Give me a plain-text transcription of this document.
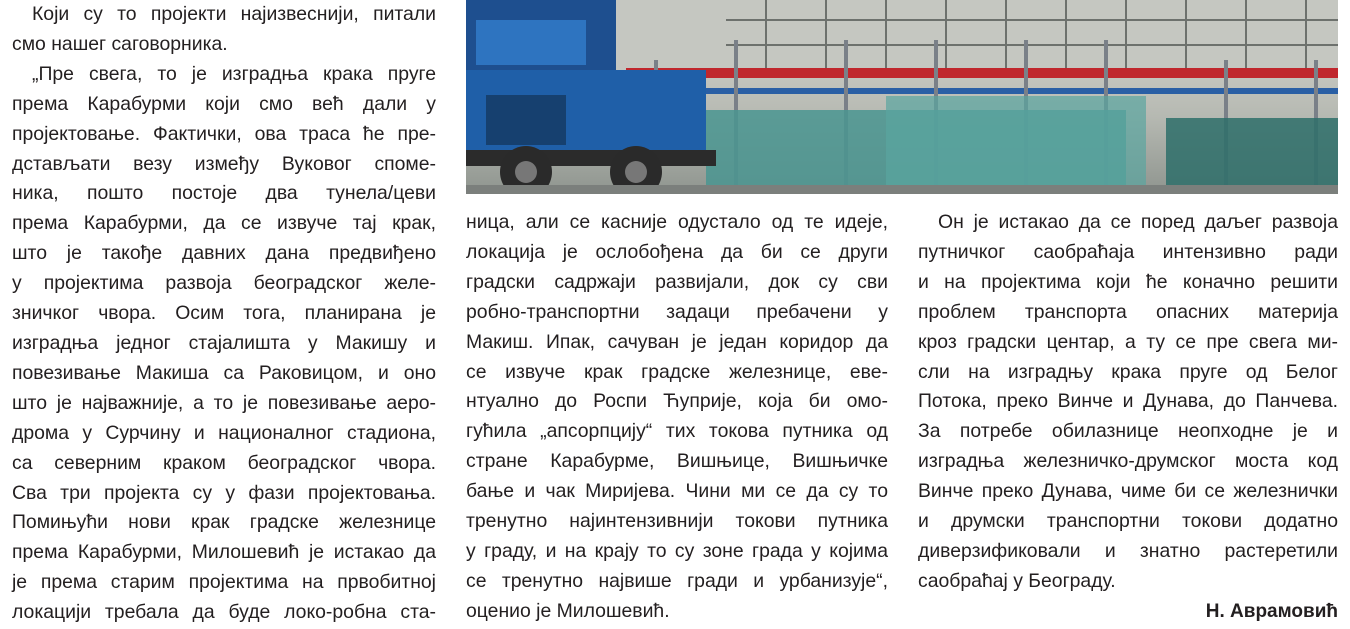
Који су то пројекти најизвеснији, питали
смо нашег саговорника.
„Пре свега, то је изградња крака пруге
према Карабурми који смо већ дали у
пројектовање. Фактички, ова траса ће пре-
дстављати везу између Вуковог споме-
ника, пошто постоје два тунела/цеви
према Карабурми, да се извуче тај крак,
што је такође давних дана предвиђено
у пројектима развоја београдског желе-
зничког чвора. Осим тога, планирана је
изградња једног стајалишта у Макишу и
повезивање Макиша са Раковицом, и оно
што је најважније, а то је повезивање аеро-
дрома у Сурчину и националног стадиона,
са северним краком београдског чвора.
Сва три пројекта су у фази пројектовања.
Помињући нови крак градске железнице
према Карабурми, Милошевић је истакао да
је према старим пројектима на првобитној
локацији требала да буде локо-робна ста-

ница, али се касније одустало од те идеје,
локација је ослобођена да би се други
градски садржаји развијали, док су сви
робно-транспортни задаци пребачени у
Макиш. Ипак, сачуван је један коридор да
се извуче крак градске железнице, еве-
нтуално до Роспи Ћуприје, која би омо-
гућила „апсорпцију“ тих токова путника од
стране Карабурме, Вишњице, Вишњичке
бање и чак Миријева. Чини ми се да су то
тренутно најинтензивнији токови путника
у граду, и на крају то су зоне града у којима
се тренутно највише гради и урбанизује“,
оценио је Милошевић.

Он је истакао да се поред даљег развоја
путничког саобраћаја интензивно ради
и на пројектима који ће коначно решити
проблем транспорта опасних материја
кроз градски центар, а ту се пре свега ми-
сли на изградњу крака пруге од Белог
Потока, преко Винче и Дунава, до Панчева.
За потребе обилазнице неопходнe je и
изградња железничко-друмског моста код
Винче преко Дунава, чиме би се железнички
и друмски транспортни токови додатно
диверзификовали и знатно растеретили
саобраћај у Београду.

Н. Аврамовић
